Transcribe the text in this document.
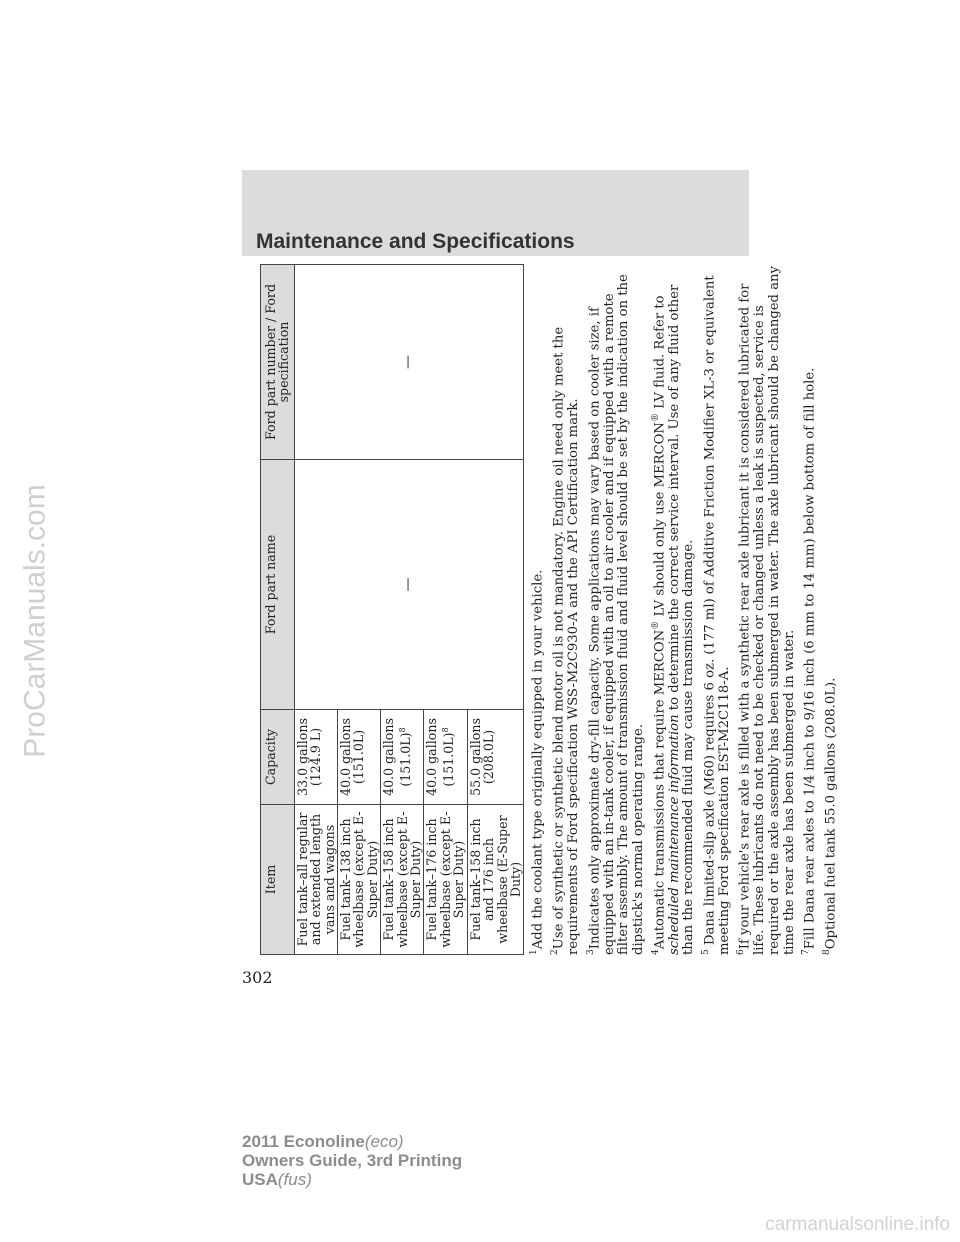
ProCarManuals.com
Maintenance and Specifications
Item	Capacity	Ford part name	Ford part number / Ford specification
Fuel tank–all regular and extended length vans and wagons	33.0 gallons (124.9 L)	—	—
Fuel tank–138 inch wheelbase (except E-Super Duty)	40.0 gallons (151.0L)		
Fuel tank–158 inch wheelbase (except E-Super Duty)	40.0 gallons $(151.0L)^8$
Fuel tank–176 inch wheelbase (except E-Super Duty)	40.0 gallons $(151.0L)^8$
Fuel tank–158 inch and 176 inch wheelbase (E-Super Duty)	55.0 gallons (208.0L)		

$^1$Add the coolant type originally equipped in your vehicle.

$^2$Use of synthetic or synthetic blend motor oil is not mandatory. Engine oil need only meet the requirements of Ford specification WSS-M2C930-A and the API Certification mark. $^3$Indicates only approximate dry-fill capacity. Some applications may vary based on cooler size, if equipped with an in-tank cooler, if equipped with an oil to air cooler and if equipped with a remote filter assembly. The amount of transmission fluid and fluid level should be set by the indication on the dipstick's normal operating range. $^4$Automatic transmissions that require MERCON® LV should only use MERCON® LV fluid. Refer to scheduled maintenance information to determine the correct service interval. Use of any fluid other than the recommended fluid may cause transmission damage. $^5$ Dana limited-slip axle (M60) requires 6 oz. (177 ml) of Additive Friction Modifier XL-3 or equivalent meeting Ford specification EST-M2C118-A. $^6$If your vehicle's rear axle is filled with a synthetic rear axle lubricant it is considered lubricated for life. These lubricants do not need to be checked or changed unless a leak is suspected, service is required or the axle assembly has been submerged in water. The axle lubricant should be changed any time the rear axle has been submerged in water. $^7$Fill Dana rear axles to 1/4 inch to 9/16 inch (6 mm to 14 mm) below bottom of fill hole.

$^8$Optional fuel tank 55.0 gallons (208.0L).

302
2011 Econoline(eco)
Owners Guide, 3rd Printing
USA(fus)
carmanualsonline.info
